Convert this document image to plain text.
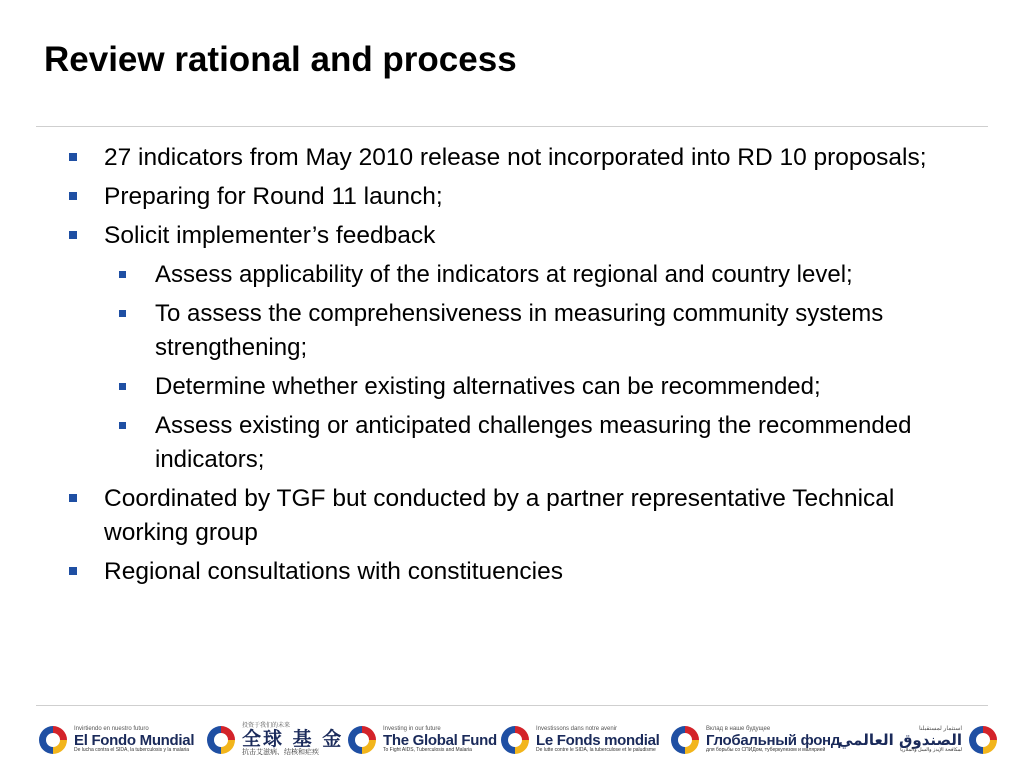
Review rational and process
27 indicators from May 2010 release not incorporated into RD 10 proposals;
Preparing for Round 11 launch;
Solicit implementer’s feedback
Assess applicability of the indicators at regional and country level;
To assess the comprehensiveness in measuring community systems strengthening;
Determine whether existing alternatives can be recommended;
Assess existing or anticipated challenges measuring the recommended indicators;
Coordinated by TGF but conducted by a partner representative Technical working group
Regional consultations with constituencies
Invirtiendo en nuestro futuro
El Fondo Mundial
De lucha contra el SIDA, la tuberculosis y la malaria
投资于我们的未来
全球 基 金
抗击艾滋病、结核和疟疾
Investing in our future
The Global Fund
To Fight AIDS, Tuberculosis and Malaria
Investissons dans notre avenir
Le Fonds mondial
De lutte contre le SIDA, la tuberculose et le paludisme
Вклад в наше будущее
Глобальный фонд
для борьбы со СПИДом, туберкулезом и малярией
استثمار لمستقبلنا
الصندوق العالمي
لمكافحة الإيدز والسل والملاريا
